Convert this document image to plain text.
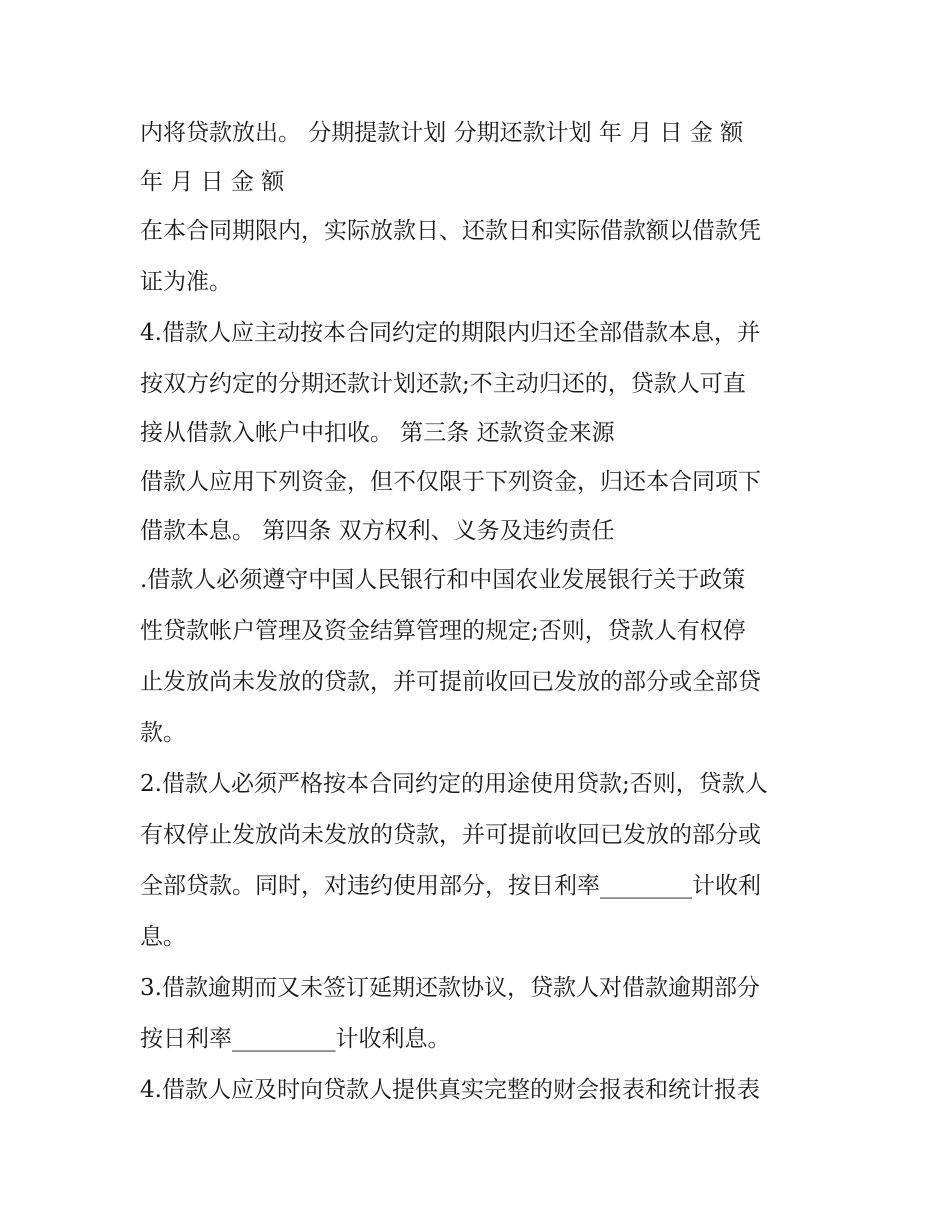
内将贷款放出。 分期提款计划 分期还款计划 年 月 日 金 额
年 月 日 金 额
在本合同期限内，实际放款日、还款日和实际借款额以借款凭
证为准。
4.借款人应主动按本合同约定的期限内归还全部借款本息，并
按双方约定的分期还款计划还款;不主动归还的，贷款人可直
接从借款入帐户中扣收。 第三条 还款资金来源
借款人应用下列资金，但不仅限于下列资金，归还本合同项下
借款本息。 第四条 双方权利、义务及违约责任
.借款人必须遵守中国人民银行和中国农业发展银行关于政策
性贷款帐户管理及资金结算管理的规定;否则，贷款人有权停
止发放尚未发放的贷款，并可提前收回已发放的部分或全部贷
款。
2.借款人必须严格按本合同约定的用途使用贷款;否则，贷款人
有权停止发放尚未发放的贷款，并可提前收回已发放的部分或
全部贷款。同时，对违约使用部分，按日利率________计收利
息。
3.借款逾期而又未签订延期还款协议，贷款人对借款逾期部分
按日利率_________计收利息。
4.借款人应及时向贷款人提供真实完整的财会报表和统计报表
